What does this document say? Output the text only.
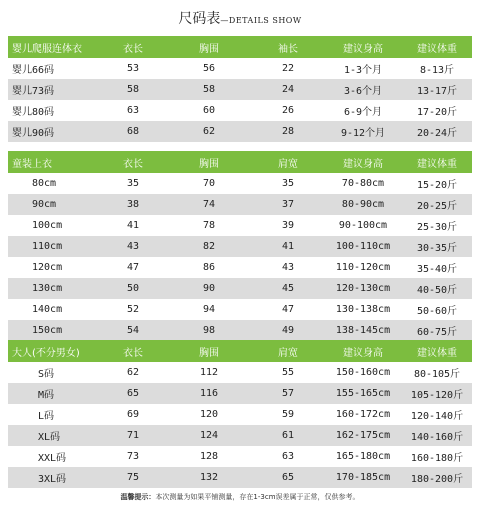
尺码表—DETAILS SHOW
婴儿爬服连体衣	衣长	胸围	袖长	建议身高	建议体重
婴儿66码	53	56	22	1-3个月	8-13斤
婴儿73码	58	58	24	3-6个月	13-17斤
婴儿80码	63	60	26	6-9个月	17-20斤
婴儿90码	68	62	28	9-12个月	20-24斤
童装上衣	衣长	胸围	肩宽	建议身高	建议体重
80cm	35	70	35	70-80cm	15-20斤
90cm	38	74	37	80-90cm	20-25斤
100cm	41	78	39	90-100cm	25-30斤
110cm	43	82	41	100-110cm	30-35斤
120cm	47	86	43	110-120cm	35-40斤
130cm	50	90	45	120-130cm	40-50斤
140cm	52	94	47	130-138cm	50-60斤
150cm	54	98	49	138-145cm	60-75斤
大人(不分男女)	衣长	胸围	肩宽	建议身高	建议体重
S码	62	112	55	150-160cm	80-105斤
M码	65	116	57	155-165cm	105-120斤
L码	69	120	59	160-172cm	120-140斤
XL码	71	124	61	162-175cm	140-160斤
XXL码	73	128	63	165-180cm	160-180斤
3XL码	75	132	65	170-185cm	180-200斤
温馨提示：本次测量为如果平铺测量，存在1-3cm误差属于正常，仅供参考。
